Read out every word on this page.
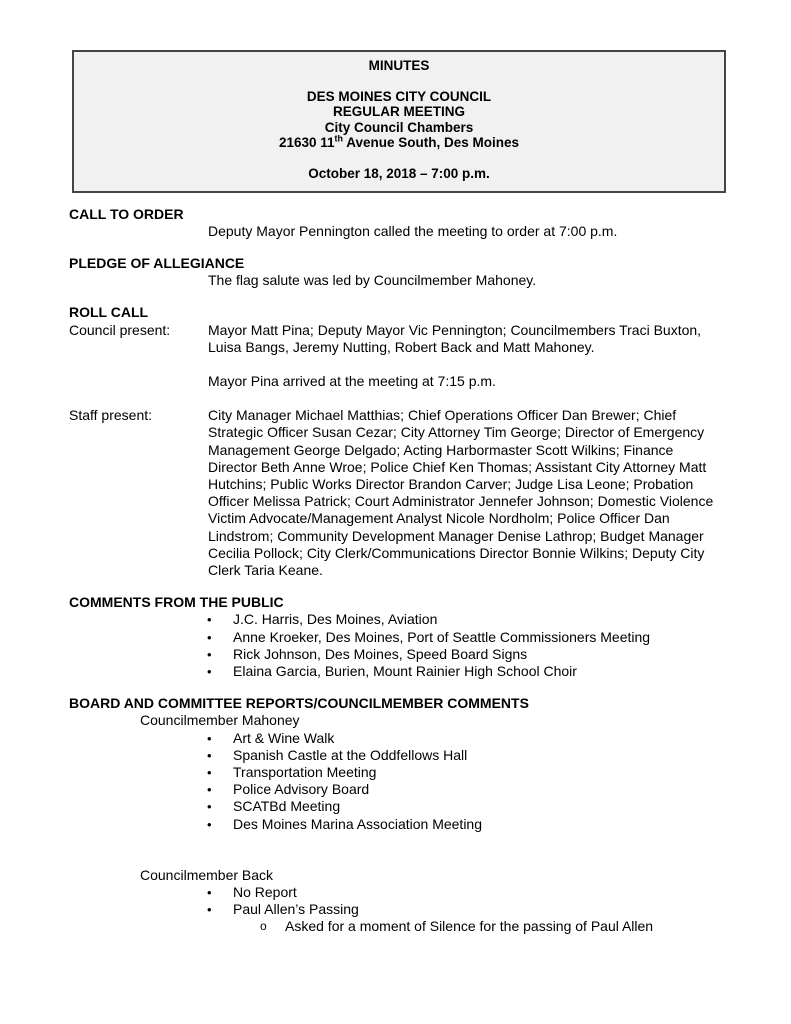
MINUTES
DES MOINES CITY COUNCIL
REGULAR MEETING
City Council Chambers
21630 11th Avenue South, Des Moines
October 18, 2018 – 7:00 p.m.
CALL TO ORDER
Deputy Mayor Pennington called the meeting to order at 7:00 p.m.
PLEDGE OF ALLEGIANCE
The flag salute was led by Councilmember Mahoney.
ROLL CALL
Council present:	Mayor Matt Pina; Deputy Mayor Vic Pennington; Councilmembers Traci Buxton, Luisa Bangs, Jeremy Nutting, Robert Back and Matt Mahoney.
Mayor Pina arrived at the meeting at 7:15 p.m.
Staff present:	City Manager Michael Matthias; Chief Operations Officer Dan Brewer; Chief Strategic Officer Susan Cezar; City Attorney Tim George; Director of Emergency Management George Delgado; Acting Harbormaster Scott Wilkins; Finance Director Beth Anne Wroe; Police Chief Ken Thomas; Assistant City Attorney Matt Hutchins; Public Works Director Brandon Carver; Judge Lisa Leone; Probation Officer Melissa Patrick; Court Administrator Jennefer Johnson; Domestic Violence Victim Advocate/Management Analyst Nicole Nordholm; Police Officer Dan Lindstrom; Community Development Manager Denise Lathrop; Budget Manager Cecilia Pollock; City Clerk/Communications Director Bonnie Wilkins; Deputy City Clerk Taria Keane.
COMMENTS FROM THE PUBLIC
•	J.C. Harris, Des Moines, Aviation
•	Anne Kroeker, Des Moines, Port of Seattle Commissioners Meeting
•	Rick Johnson, Des Moines, Speed Board Signs
•	Elaina Garcia, Burien, Mount Rainier High School Choir
BOARD AND COMMITTEE REPORTS/COUNCILMEMBER COMMENTS
Councilmember Mahoney
•	Art & Wine Walk
•	Spanish Castle at the Oddfellows Hall
•	Transportation Meeting
•	Police Advisory Board
•	SCATBd Meeting
•	Des Moines Marina Association Meeting
Councilmember Back
•	No Report
•	Paul Allen’s Passing
o	Asked for a moment of Silence for the passing of Paul Allen
